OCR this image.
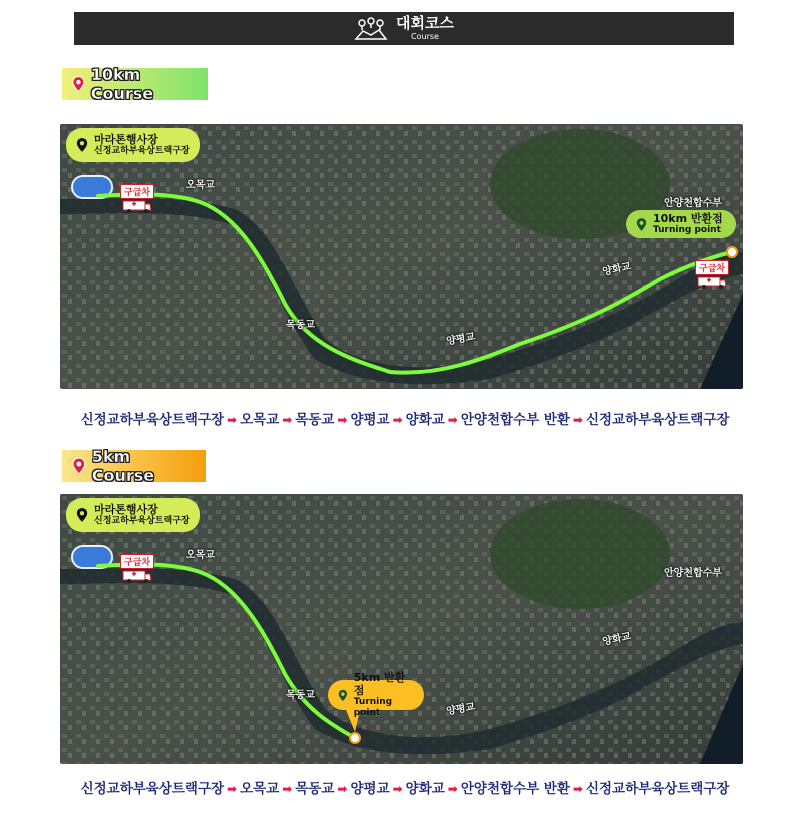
대회코스
Course
10km Course
마라톤행사장
신정교하부육상트랙구장
10km 반환점
Turning point
구급차
구급차
오목교
목동교
양평교
양화교
안양천합수부
신정교하부육상트랙구장 ➡ 오목교 ➡ 목동교 ➡ 양평교 ➡ 양화교 ➡ 안양천합수부 반환 ➡ 신정교하부육상트랙구장
5km Course
마라톤행사장
신정교하부육상트랙구장
5km 반환점
Turning point
구급차
오목교
목동교
양평교
양화교
안양천합수부
신정교하부육상트랙구장 ➡ 오목교 ➡ 목동교 ➡ 양평교 ➡ 양화교 ➡ 안양천합수부 반환 ➡ 신정교하부육상트랙구장
